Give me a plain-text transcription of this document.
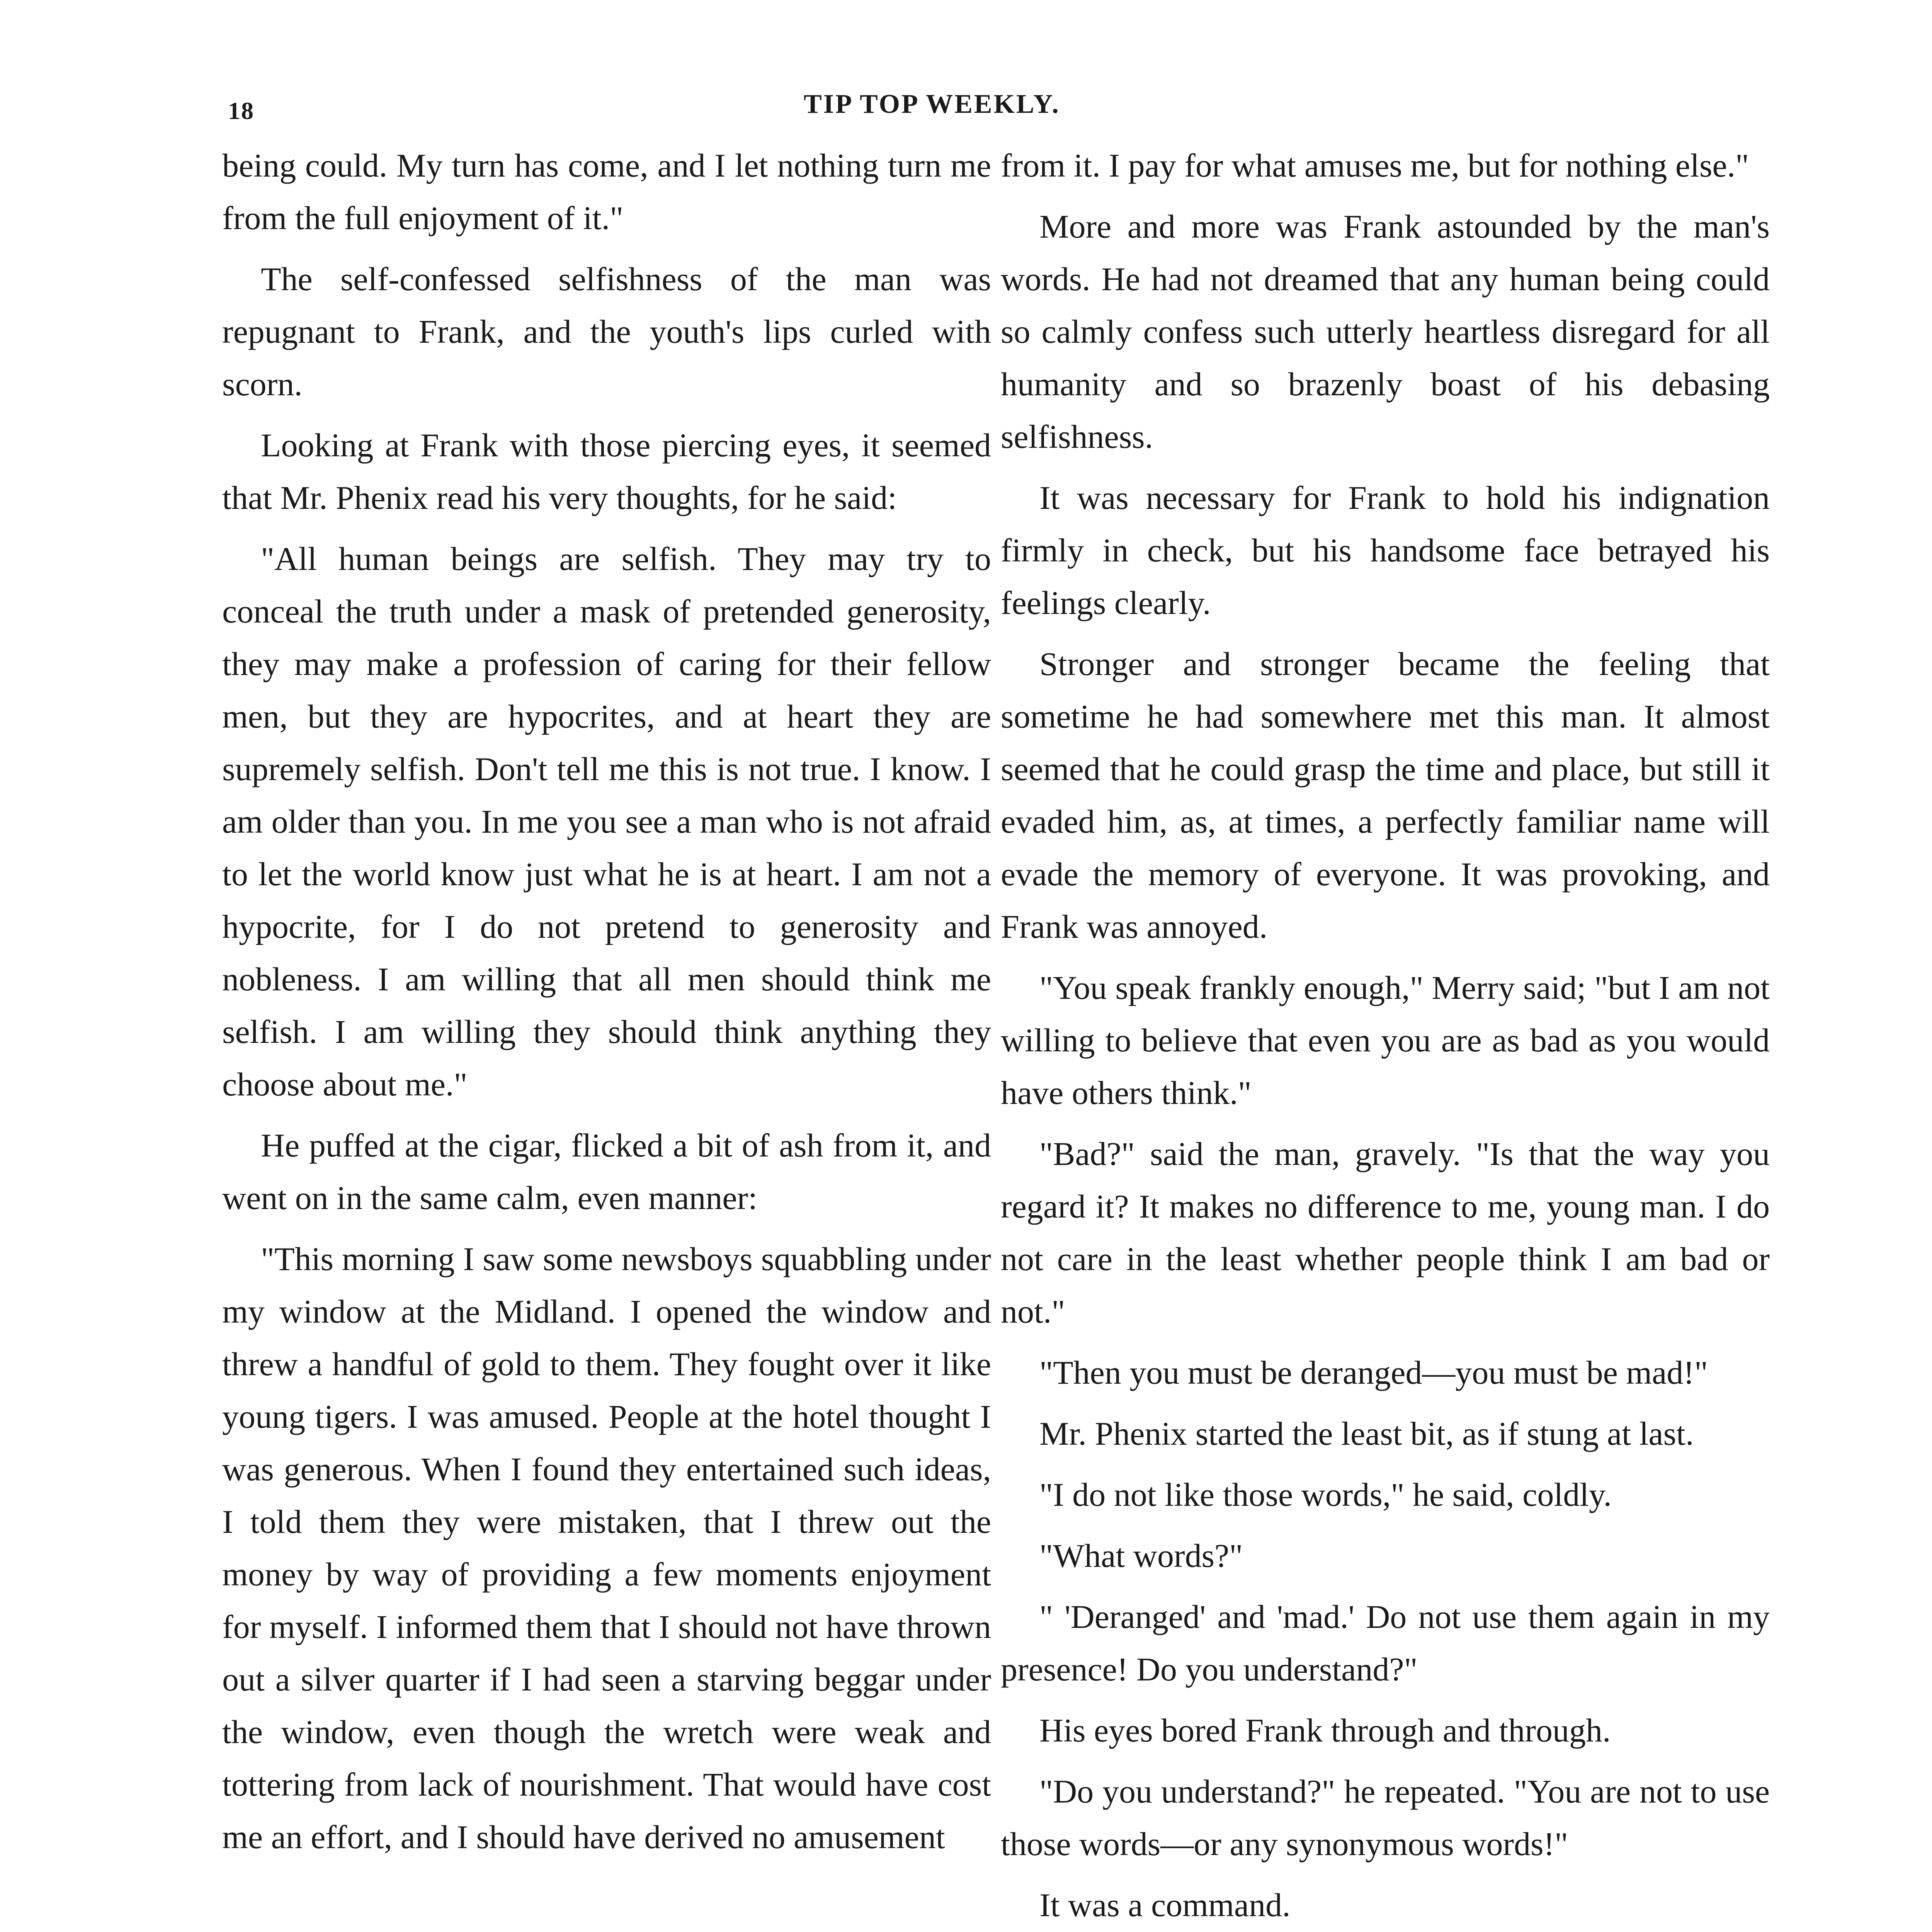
18	TIP TOP WEEKLY.

being could. My turn has come, and I let nothing turn me from the full enjoyment of it."

The self-confessed selfishness of the man was repugnant to Frank, and the youth's lips curled with scorn.

Looking at Frank with those piercing eyes, it seemed that Mr. Phenix read his very thoughts, for he said:

"All human beings are selfish. They may try to conceal the truth under a mask of pretended generosity, they may make a profession of caring for their fellow men, but they are hypocrites, and at heart they are supremely selfish. Don't tell me this is not true. I know. I am older than you. In me you see a man who is not afraid to let the world know just what he is at heart. I am not a hypocrite, for I do not pretend to generosity and nobleness. I am willing that all men should think me selfish. I am willing they should think anything they choose about me."

He puffed at the cigar, flicked a bit of ash from it, and went on in the same calm, even manner:

"This morning I saw some newsboys squabbling under my window at the Midland. I opened the window and threw a handful of gold to them. They fought over it like young tigers. I was amused. People at the hotel thought I was generous. When I found they entertained such ideas, I told them they were mistaken, that I threw out the money by way of providing a few moments enjoyment for myself. I informed them that I should not have thrown out a silver quarter if I had seen a starving beggar under the window, even though the wretch were weak and tottering from lack of nourishment. That would have cost me an effort, and I should have derived no amusement

from it. I pay for what amuses me, but for nothing else."

More and more was Frank astounded by the man's words. He had not dreamed that any human being could so calmly confess such utterly heartless disregard for all humanity and so brazenly boast of his debasing selfishness.

It was necessary for Frank to hold his indignation firmly in check, but his handsome face betrayed his feelings clearly.

Stronger and stronger became the feeling that sometime he had somewhere met this man. It almost seemed that he could grasp the time and place, but still it evaded him, as, at times, a perfectly familiar name will evade the memory of everyone. It was provoking, and Frank was annoyed.

"You speak frankly enough," Merry said; "but I am not willing to believe that even you are as bad as you would have others think."

"Bad?" said the man, gravely. "Is that the way you regard it? It makes no difference to me, young man. I do not care in the least whether people think I am bad or not."

"Then you must be deranged—you must be mad!"

Mr. Phenix started the least bit, as if stung at last.

"I do not like those words," he said, coldly.

"What words?"

" 'Deranged' and 'mad.' Do not use them again in my presence! Do you understand?"

His eyes bored Frank through and through.

"Do you understand?" he repeated. "You are not to use those words—or any synonymous words!"

It was a command.
